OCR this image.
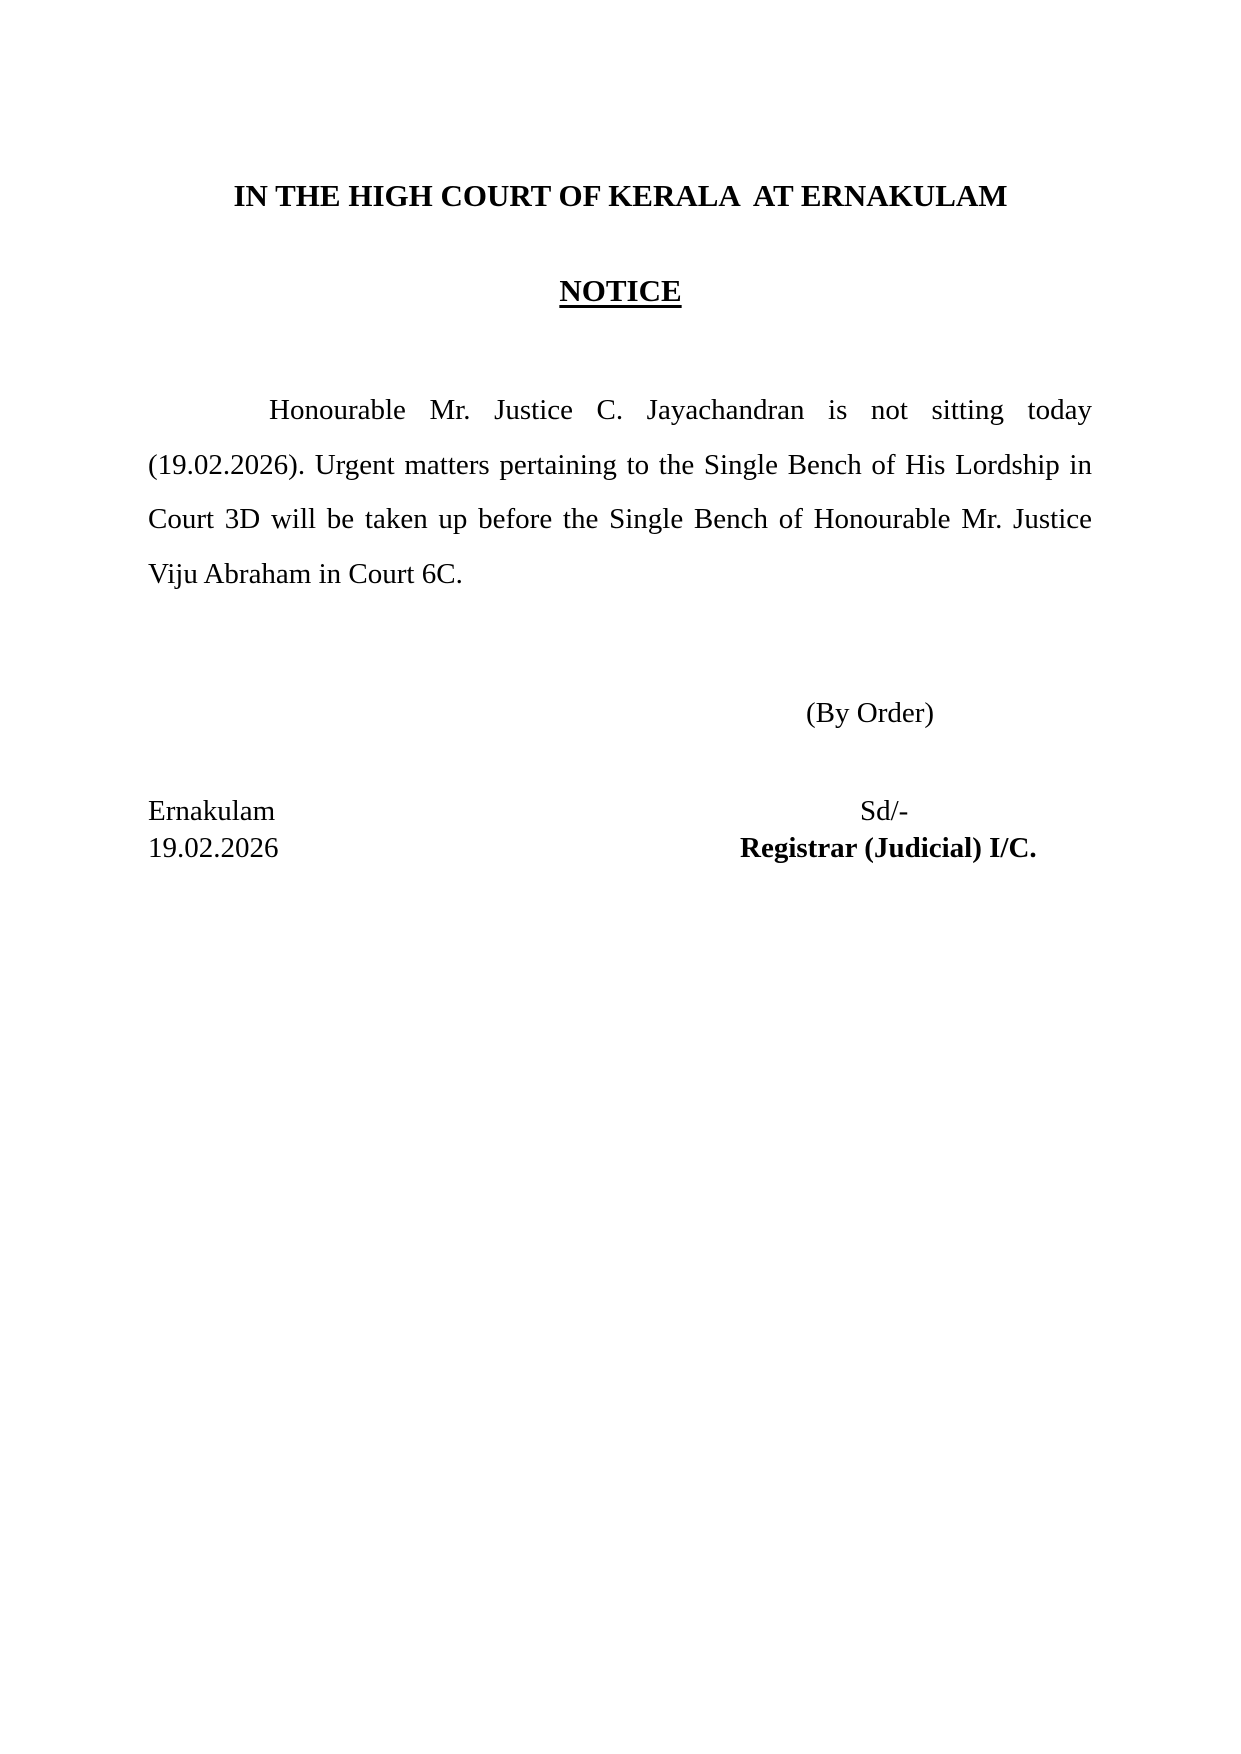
IN THE HIGH COURT OF KERALA  AT ERNAKULAM
NOTICE

Honourable Mr. Justice C. Jayachandran is not sitting today (19.02.2026). Urgent matters pertaining to the Single Bench of His Lordship in Court 3D will be taken up before the Single Bench of Honourable Mr. Justice Viju Abraham in Court 6C.

(By Order)
Ernakulam
19.02.2026
Sd/-
Registrar (Judicial) I/C.
